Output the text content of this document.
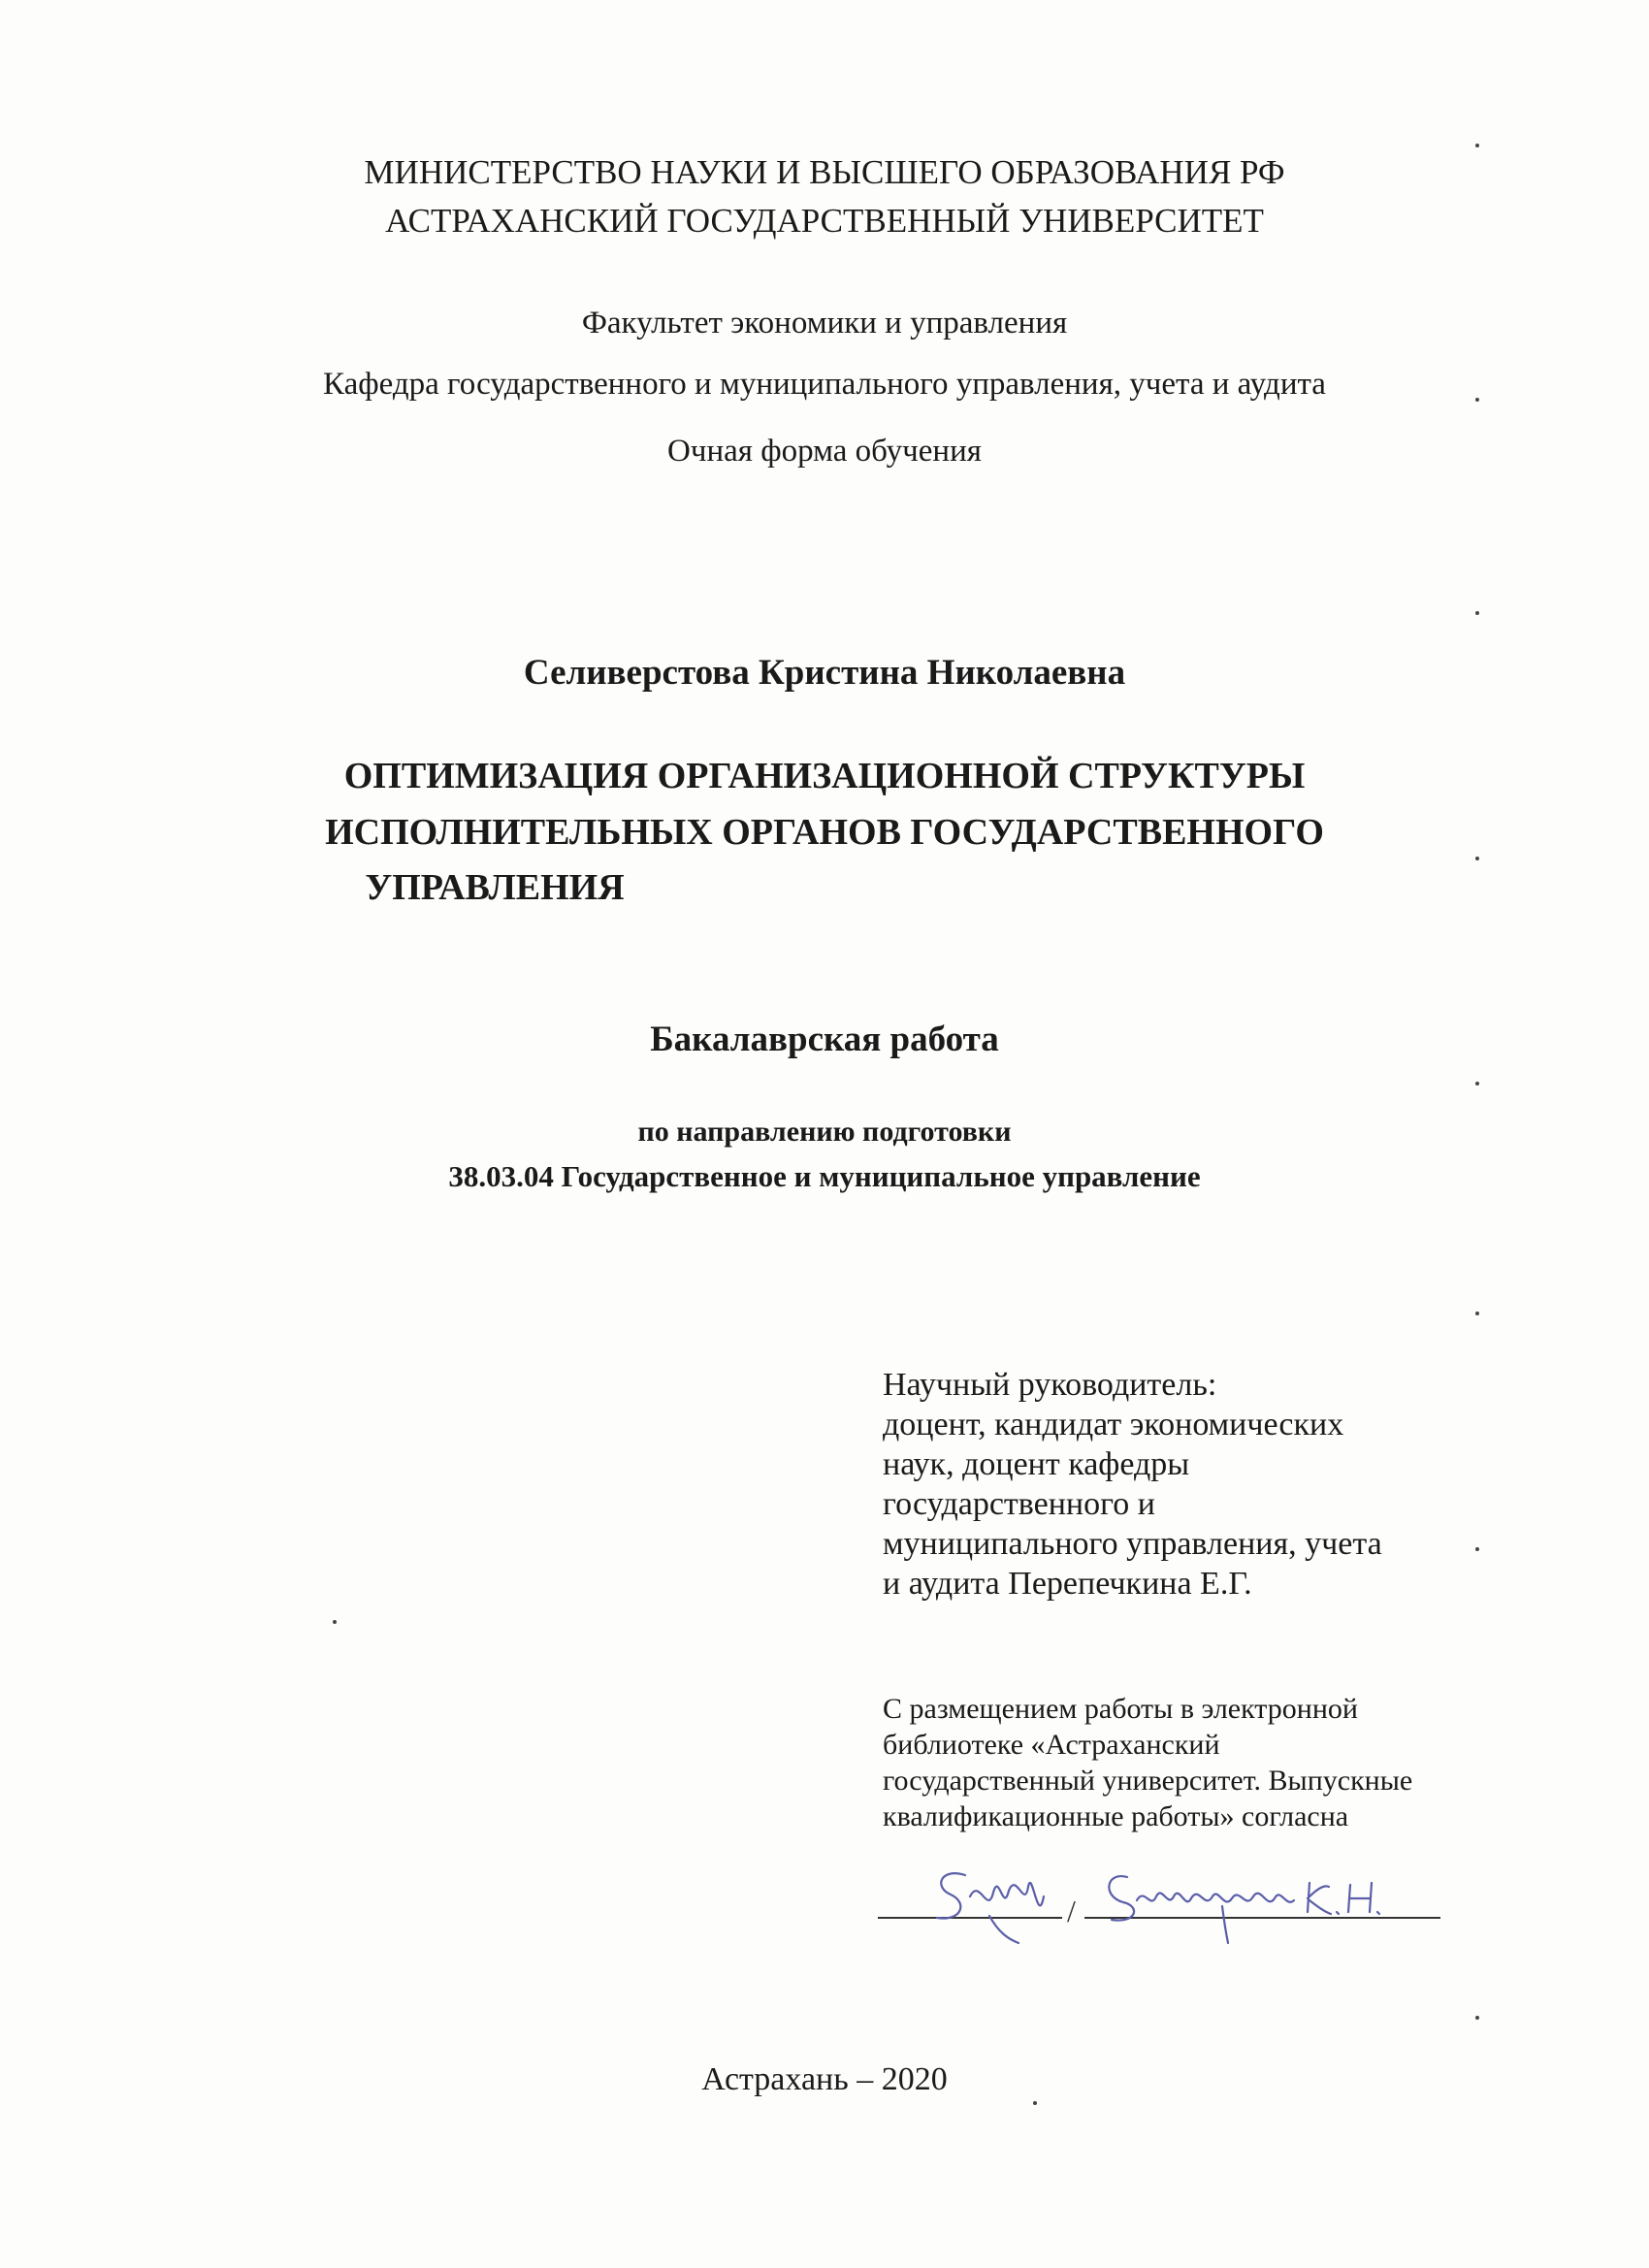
МИНИСТЕРСТВО НАУКИ И ВЫСШЕГО ОБРАЗОВАНИЯ РФ
АСТРАХАНСКИЙ ГОСУДАРСТВЕННЫЙ УНИВЕРСИТЕТ
Факультет экономики и управления
Кафедра государственного и муниципального управления, учета и аудита
Очная форма обучения
Селиверстова Кристина Николаевна
ОПТИМИЗАЦИЯ ОРГАНИЗАЦИОННОЙ СТРУКТУРЫ
ИСПОЛНИТЕЛЬНЫХ ОРГАНОВ ГОСУДАРСТВЕННОГО
УПРАВЛЕНИЯ
Бакалаврская работа
по направлению подготовки
38.03.04 Государственное и муниципальное управление
Научный руководитель:
доцент, кандидат экономических
наук, доцент кафедры
государственного и
муниципального управления, учета
и аудита Перепечкина Е.Г.
С размещением работы в электронной
библиотеке «Астраханский
государственный университет. Выпускные
квалификационные работы» согласна
/
Астрахань – 2020
